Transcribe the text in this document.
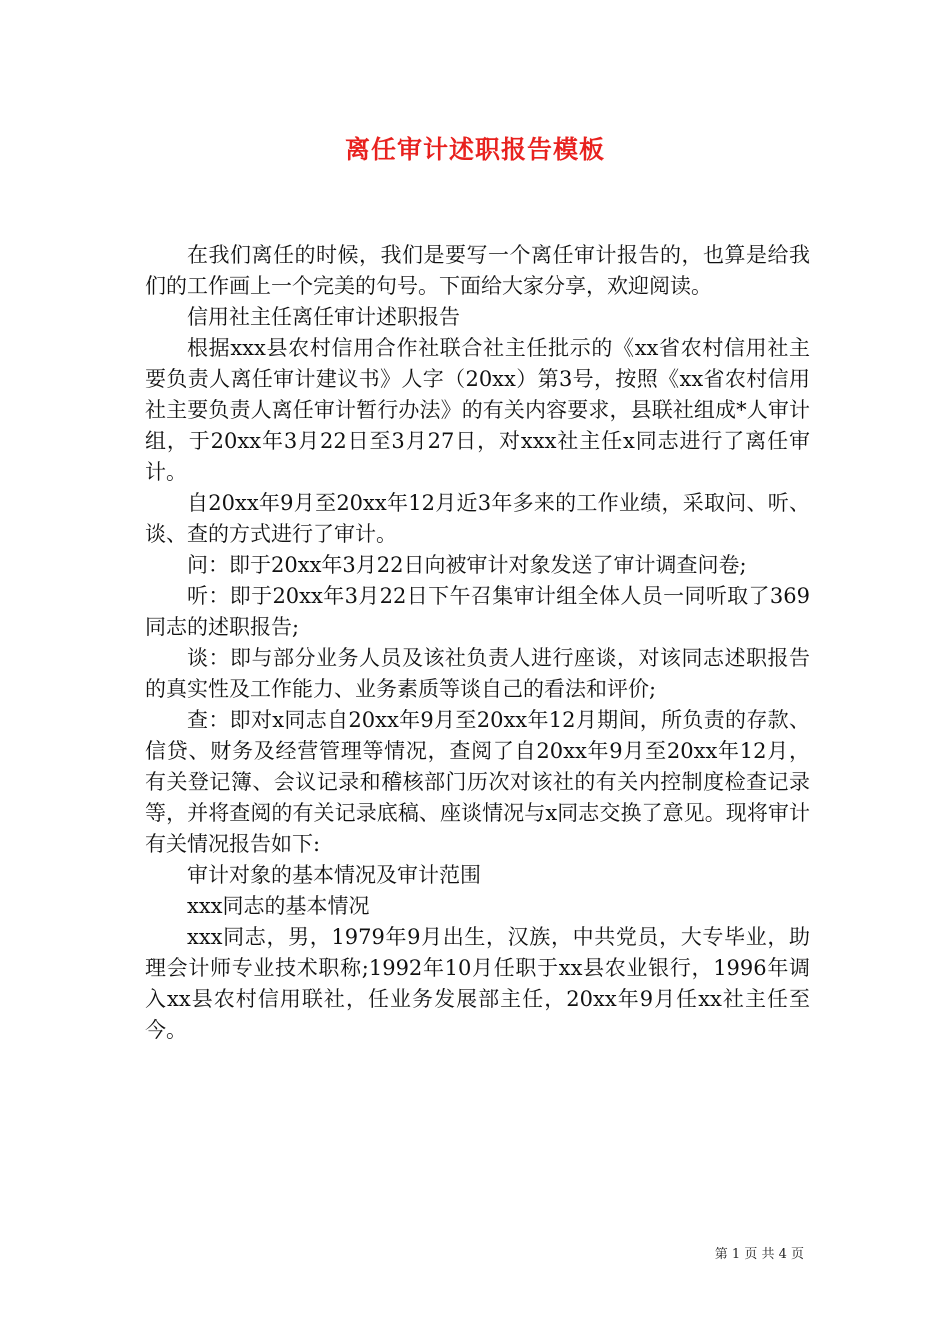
离任审计述职报告模板

在我们离任的时候，我们是要写一个离任审计报告的，也算是给我们的工作画上一个完美的句号。下面给大家分享，欢迎阅读。

信用社主任离任审计述职报告

根据xxx县农村信用合作社联合社主任批示的《xx省农村信用社主要负责人离任审计建议书》人字（20xx）第3号，按照《xx省农村信用社主要负责人离任审计暂行办法》的有关内容要求，县联社组成*人审计组，于20xx年3月22日至3月27日，对xxx社主任x同志进行了离任审计。

自20xx年9月至20xx年12月近3年多来的工作业绩，采取问、听、谈、查的方式进行了审计。

问：即于20xx年3月22日向被审计对象发送了审计调查问卷;

听：即于20xx年3月22日下午召集审计组全体人员一同听取了369同志的述职报告;

谈：即与部分业务人员及该社负责人进行座谈，对该同志述职报告的真实性及工作能力、业务素质等谈自己的看法和评价;

查：即对x同志自20xx年9月至20xx年12月期间，所负责的存款、信贷、财务及经营管理等情况，查阅了自20xx年9月至20xx年12月，有关登记簿、会议记录和稽核部门历次对该社的有关内控制度检查记录等，并将查阅的有关记录底稿、座谈情况与x同志交换了意见。现将审计有关情况报告如下:

审计对象的基本情况及审计范围

xxx同志的基本情况

xxx同志，男，1979年9月出生，汉族，中共党员，大专毕业，助理会计师专业技术职称;1992年10月任职于xx县农业银行，1996年调入xx县农村信用联社，任业务发展部主任，20xx年9月任xx社主任至今。

第 1 页 共 4 页
